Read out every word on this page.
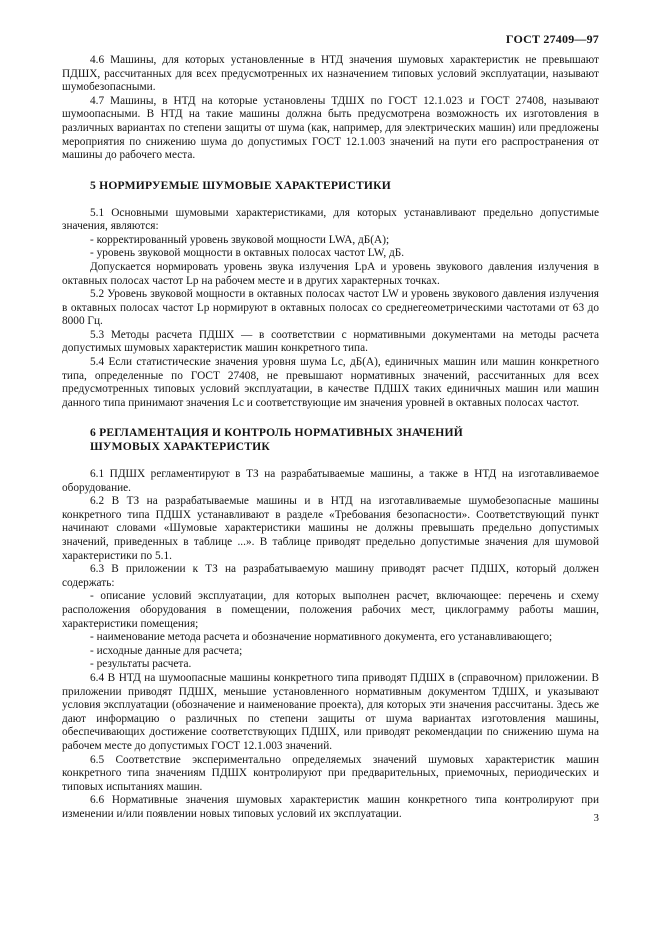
ГОСТ 27409—97

4.6 Машины, для которых установленные в НТД значения шумовых характеристик не превышают ПДШХ, рассчитанных для всех предусмотренных их назначением типовых условий эксплуатации, называют шумобезопасными.

4.7 Машины, в НТД на которые установлены ТДШХ по ГОСТ 12.1.023 и ГОСТ 27408, называют шумоопасными. В НТД на такие машины должна быть предусмотрена возможность их изготовления в различных вариантах по степени защиты от шума (как, например, для электрических машин) или предложены мероприятия по снижению шума до допустимых ГОСТ 12.1.003 значений на пути его распространения от машины до рабочего места.

5 НОРМИРУЕМЫЕ ШУМОВЫЕ ХАРАКТЕРИСТИКИ

5.1 Основными шумовыми характеристиками, для которых устанавливают предельно допустимые значения, являются:

- корректированный уровень звуковой мощности LWA, дБ(А);

- уровень звуковой мощности в октавных полосах частот LW, дБ.

Допускается нормировать уровень звука излучения LpA и уровень звукового давления излучения в октавных полосах частот Lp на рабочем месте и в других характерных точках.

5.2 Уровень звуковой мощности в октавных полосах частот LW и уровень звукового давления излучения в октавных полосах частот Lp нормируют в октавных полосах со среднегеометрическими частотами от 63 до 8000 Гц.

5.3 Методы расчета ПДШХ — в соответствии с нормативными документами на методы расчета допустимых шумовых характеристик машин конкретного типа.

5.4 Если статистические значения уровня шума Lc, дБ(А), единичных машин или машин конкретного типа, определенные по ГОСТ 27408, не превышают нормативных значений, рассчитанных для всех предусмотренных типовых условий эксплуатации, в качестве ПДШХ таких единичных машин или машин данного типа принимают значения Lc и соответствующие им значения уровней в октавных полосах частот.

6 РЕГЛАМЕНТАЦИЯ И КОНТРОЛЬ НОРМАТИВНЫХ ЗНАЧЕНИЙ
ШУМОВЫХ ХАРАКТЕРИСТИК

6.1 ПДШХ регламентируют в ТЗ на разрабатываемые машины, а также в НТД на изготавливаемое оборудование.

6.2 В ТЗ на разрабатываемые машины и в НТД на изготавливаемые шумобезопасные машины конкретного типа ПДШХ устанавливают в разделе «Требования безопасности». Соответствующий пункт начинают словами «Шумовые характеристики машины не должны превышать предельно допустимых значений, приведенных в таблице ...». В таблице приводят предельно допустимые значения для шумовой характеристики по 5.1.

6.3 В приложении к ТЗ на разрабатываемую машину приводят расчет ПДШХ, который должен содержать:

- описание условий эксплуатации, для которых выполнен расчет, включающее: перечень и схему расположения оборудования в помещении, положения рабочих мест, циклограмму работы машин, характеристики помещения;

- наименование метода расчета и обозначение нормативного документа, его устанавливающего;

- исходные данные для расчета;

- результаты расчета.

6.4 В НТД на шумоопасные машины конкретного типа приводят ПДШХ в (справочном) приложении. В приложении приводят ПДШХ, меньшие установленного нормативным документом ТДШХ, и указывают условия эксплуатации (обозначение и наименование проекта), для которых эти значения рассчитаны. Здесь же дают информацию о различных по степени защиты от шума вариантах изготовления машины, обеспечивающих достижение соответствующих ПДШХ, или приводят рекомендации по снижению шума на рабочем месте до допустимых ГОСТ 12.1.003 значений.

6.5 Соответствие экспериментально определяемых значений шумовых характеристик машин конкретного типа значениям ПДШХ контролируют при предварительных, приемочных, периодических и типовых испытаниях машин.

6.6 Нормативные значения шумовых характеристик машин конкретного типа контролируют при изменении и/или появлении новых типовых условий их эксплуатации.	3
